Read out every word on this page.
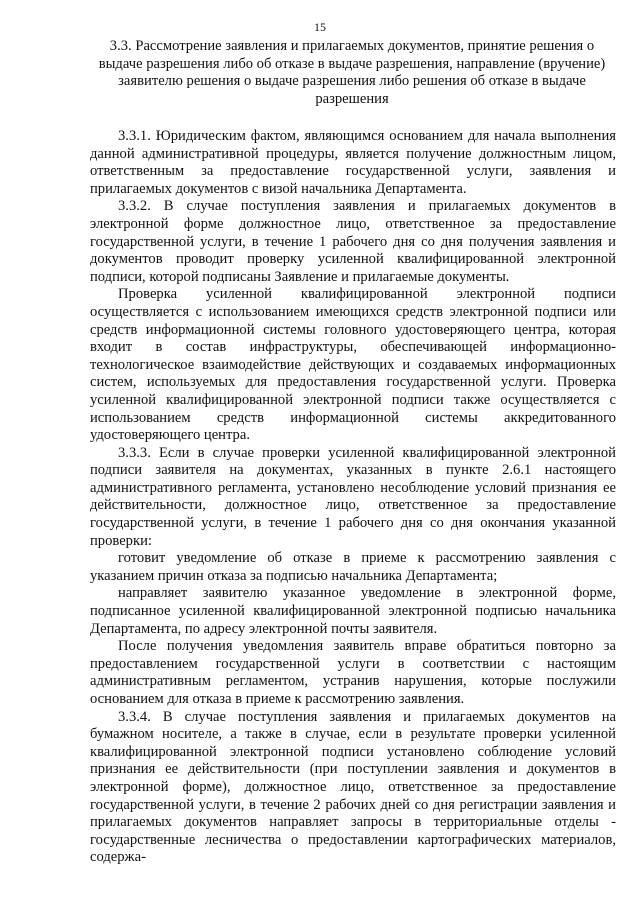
15
3.3. Рассмотрение заявления и прилагаемых документов, принятие решения о выдаче разрешения либо об отказе в выдаче разрешения, направление (вручение) заявителю решения о выдаче разрешения либо решения об отказе в выдаче разрешения

3.3.1. Юридическим фактом, являющимся основанием для начала выполнения данной административной процедуры, является получение должностным лицом, ответственным за предоставление государственной услуги, заявления и прилагаемых документов с визой начальника Департамента.

3.3.2. В случае поступления заявления и прилагаемых документов в электронной форме должностное лицо, ответственное за предоставление государственной услуги, в течение 1 рабочего дня со дня получения заявления и документов проводит проверку усиленной квалифицированной электронной подписи, которой подписаны Заявление и прилагаемые документы.

Проверка усиленной квалифицированной электронной подписи осуществляется с использованием имеющихся средств электронной подписи или средств информационной системы головного удостоверяющего центра, которая входит в состав инфраструктуры, обеспечивающей информационно-технологическое взаимодействие действующих и создаваемых информационных систем, используемых для предоставления государственной услуги. Проверка усиленной квалифицированной электронной подписи также осуществляется с использованием средств информационной системы аккредитованного удостоверяющего центра.

3.3.3. Если в случае проверки усиленной квалифицированной электронной подписи заявителя на документах, указанных в пункте 2.6.1 настоящего административного регламента, установлено несоблюдение условий признания ее действительности, должностное лицо, ответственное за предоставление государственной услуги, в течение 1 рабочего дня со дня окончания указанной проверки:

готовит уведомление об отказе в приеме к рассмотрению заявления с указанием причин отказа за подписью начальника Департамента;

направляет заявителю указанное уведомление в электронной форме, подписанное усиленной квалифицированной электронной подписью начальника Департамента, по адресу электронной почты заявителя.

После получения уведомления заявитель вправе обратиться повторно за предоставлением государственной услуги в соответствии с настоящим административным регламентом, устранив нарушения, которые послужили основанием для отказа в приеме к рассмотрению заявления.

3.3.4. В случае поступления заявления и прилагаемых документов на бумажном носителе, а также в случае, если в результате проверки усиленной квалифицированной электронной подписи установлено соблюдение условий признания ее действительности (при поступлении заявления и документов в электронной форме), должностное лицо, ответственное за предоставление государственной услуги, в течение 2 рабочих дней со дня регистрации заявления и прилагаемых документов направляет запросы в территориальные отделы - государственные лесничества о предоставлении картографических материалов, содержа-
